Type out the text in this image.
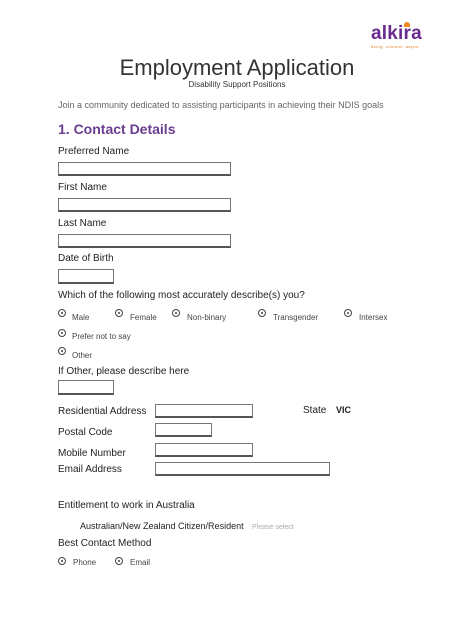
alkira
being, connect, aspire
Employment Application
Disability Support Positions
Join a community dedicated to assisting participants in achieving their NDIS goals
1. Contact Details
Preferred Name
First Name
Last Name
Date of Birth
Which of the following most accurately describe(s) you?
Male	Female	Non-binary	Transgender	Intersex
Prefer not to say
Other
If Other, please describe here
Residential Address	State VIC
Postal Code
Mobile Number
Email Address
Entitlement to work in Australia
Australian/New Zealand Citizen/Resident Please select
Best Contact Method
Phone	Email
